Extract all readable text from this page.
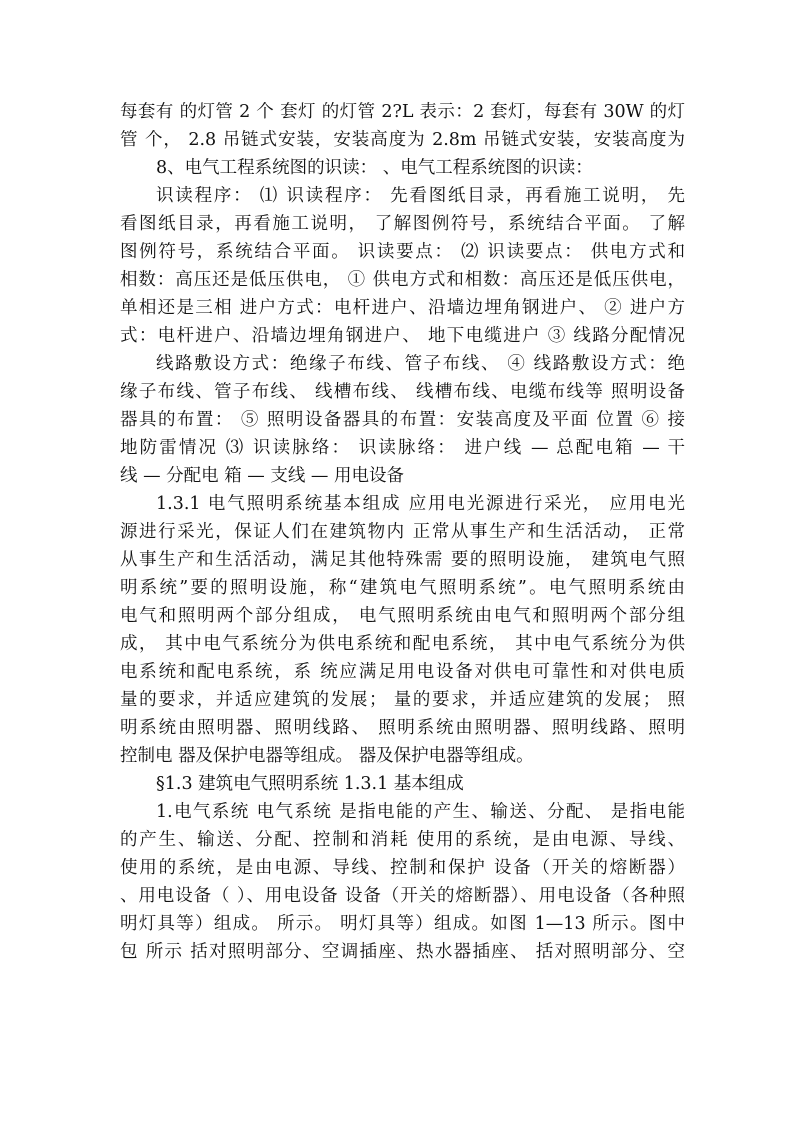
每套有 的灯管 2 个 套灯 的灯管 2?L 表示：2 套灯，每套有 30W 的灯
管 个， 2.8 吊链式安装，安装高度为 2.8m 吊链式安装，安装高度为
8、电气工程系统图的识读： 、电气工程系统图的识读：
识读程序： ⑴ 识读程序： 先看图纸目录，再看施工说明， 先
看图纸目录，再看施工说明， 了解图例符号，系统结合平面。 了解
图例符号，系统结合平面。 识读要点： ⑵ 识读要点： 供电方式和
相数：高压还是低压供电， ① 供电方式和相数：高压还是低压供电，
单相还是三相 进户方式：电杆进户、沿墙边埋角钢进户、 ② 进户方
式：电杆进户、沿墙边埋角钢进户、 地下电缆进户 ③ 线路分配情况
线路敷设方式：绝缘子布线、管子布线、 ④ 线路敷设方式：绝
缘子布线、管子布线、 线槽布线、 线槽布线、电缆布线等 照明设备
器具的布置： ⑤ 照明设备器具的布置：安装高度及平面 位置 ⑥ 接
地防雷情况 ⑶ 识读脉络： 识读脉络： 进户线 — 总配电箱 — 干
线 — 分配电 箱 — 支线 — 用电设备
1.3.1 电气照明系统基本组成 应用电光源进行采光， 应用电光
源进行采光，保证人们在建筑物内 正常从事生产和生活活动， 正常
从事生产和生活活动，满足其他特殊需 要的照明设施， 建筑电气照
明系统”要的照明设施，称“建筑电气照明系统”。电气照明系统由
电气和照明两个部分组成， 电气照明系统由电气和照明两个部分组
成， 其中电气系统分为供电系统和配电系统， 其中电气系统分为供
电系统和配电系统，系 统应满足用电设备对供电可靠性和对供电质
量的要求，并适应建筑的发展； 量的要求，并适应建筑的发展； 照
明系统由照明器、照明线路、 照明系统由照明器、照明线路、照明
控制电 器及保护电器等组成。 器及保护电器等组成。
§1.3 建筑电气照明系统 1.3.1 基本组成
1.电气系统 电气系统 是指电能的产生、输送、分配、 是指电能
的产生、输送、分配、控制和消耗 使用的系统，是由电源、导线、
使用的系统，是由电源、导线、控制和保护 设备（开关的熔断器）
、用电设备（ ）、用电设备 设备（开关的熔断器）、用电设备（各种照
明灯具等）组成。 所示。 明灯具等）组成。如图 1—13 所示。图中
包 所示 括对照明部分、空调插座、热水器插座、 括对照明部分、空
